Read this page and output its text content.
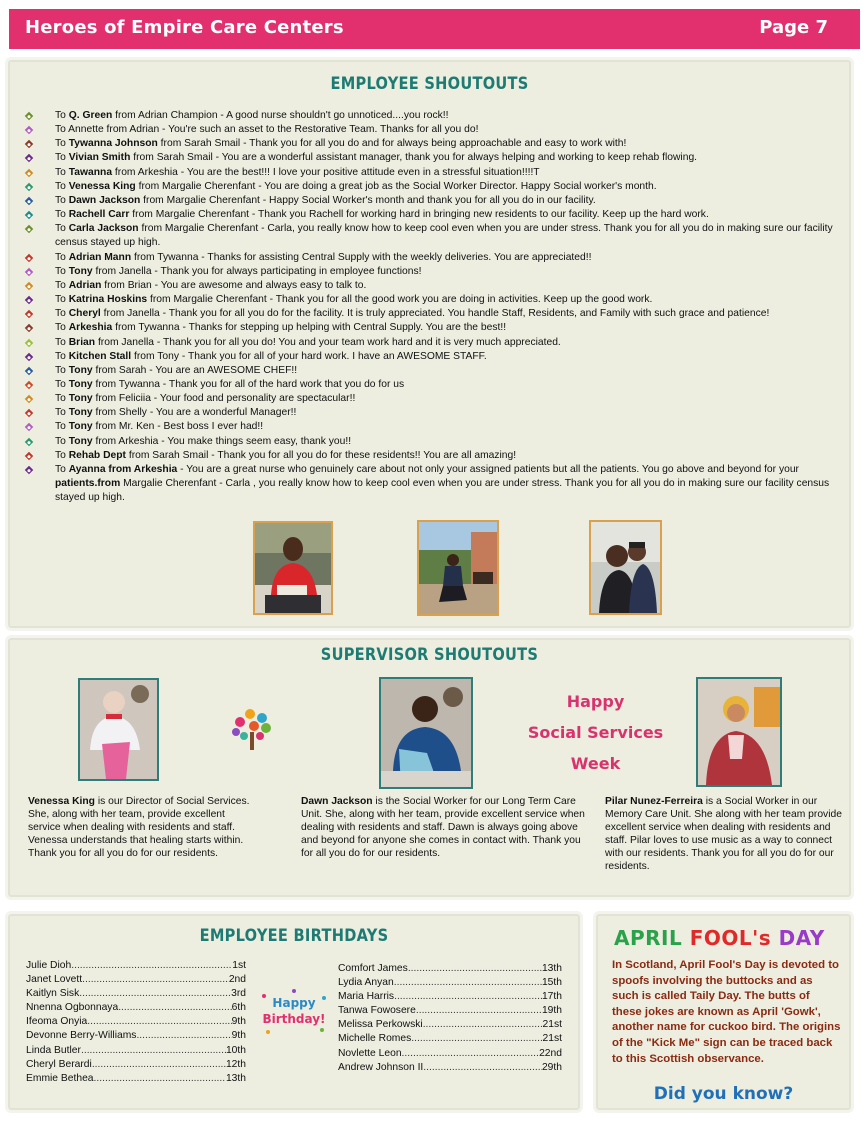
Heroes of Empire Care Centers	Page 7
EMPLOYEE SHOUTOUTS
To Q. Green from Adrian Champion - A good nurse shouldn't go unnoticed....you rock!!
To Annette from Adrian - You're such an asset to the Restorative Team. Thanks for all you do!
To Tywanna Johnson from Sarah Smail - Thank you for all you do and for always being approachable and easy to work with!
To Vivian Smith from Sarah Smail - You are a wonderful assistant manager, thank you for always helping and working to keep rehab flowing.
To Tawanna from Arkeshia - You are the best!!! I love your positive attitude even in a stressful situation!!!!T
To Venessa King from Margalie Cherenfant - You are doing a great job as the Social Worker Director. Happy Social worker's month.
To Dawn Jackson from Margalie Cherenfant - Happy Social Worker's month and thank you for all you do in our facility.
To Rachell Carr from Margalie Cherenfant - Thank you Rachell for working hard in bringing new residents to our facility. Keep up the hard work.
To Carla Jackson from Margalie Cherenfant - Carla, you really know how to keep cool even when you are under stress. Thank you for all you do in making sure our facility census stayed up high.
To Adrian Mann from Tywanna - Thanks for assisting Central Supply with the weekly deliveries. You are appreciated!!
To Tony from Janella - Thank you for always participating in employee functions!
To Adrian from Brian - You are awesome and always easy to talk to.
To Katrina Hoskins from Margalie Cherenfant - Thank you for all the good work you are doing in activities. Keep up the good work.
To Cheryl from Janella - Thank you for all you do for the facility. It is truly appreciated. You handle Staff, Residents, and Family with such grace and patience!
To Arkeshia from Tywanna - Thanks for stepping up helping with Central Supply. You are the best!!
To Brian from Janella - Thank you for all you do! You and your team work hard and it is very much appreciated.
To Kitchen Stall from Tony - Thank you for all of your hard work. I have an AWESOME STAFF.
To Tony from Sarah - You are an AWESOME CHEF!!
To Tony from Tywanna - Thank you for all of the hard work that you do for us
To Tony from Feliciia - Your food and personality are spectacular!!
To Tony from Shelly - You are a wonderful Manager!!
To Tony from Mr. Ken - Best boss I ever had!!
To Tony from Arkeshia - You make things seem easy, thank you!!
To Rehab Dept from Sarah Smail - Thank you for all you do for these residents!! You are all amazing!
To Ayanna from Arkeshia - You are a great nurse who genuinely care about not only your assigned patients but all the patients. You go above and beyond for your patients.from Margalie Cherenfant - Carla , you really know how to keep cool even when you are under stress. Thank you for all you do in making sure our facility census stayed up high.
SUPERVISOR SHOUTOUTS
Happy
Social Services
Week
Venessa King is our Director of Social Services. She, along with her team, provide excellent service when dealing with residents and staff. Venessa understands that healing starts within. Thank you for all you do for our residents.
Dawn Jackson is the Social Worker for our Long Term Care Unit. She, along with her team, provide excellent service when dealing with residents and staff. Dawn is always going above and beyond for anyone she comes in contact with. Thank you for all you do for our residents.
Pilar Nunez-Ferreira is a Social Worker in our Memory Care Unit. She along with her team provide excellent service when dealing with residents and staff. Pilar loves to use music as a way to connect with our residents. Thank you for all you do for our residents.
EMPLOYEE BIRTHDAYS
Julie Dioh .....	1st
Janet Lovett .....	2nd
Kaitlyn Sisk .....	3rd
Nnenna Ogbonnaya .....	6th
Ifeoma Onyia .....	9th
Devonne Berry-Williams .....	9th
Linda Butler .....	10th
Cheryl Berardi .....	12th
Emmie Bethea .....	13th
Happy
Birthday!
Comfort James .....	13th
Lydia Anyan .....	15th
Maria Harris .....	17th
Tanwa Fowosere .....	19th
Melissa Perkowski .....	21st
Michelle Romes .....	21st
Novlette Leon .....	22nd
Andrew Johnson II .....	29th
APRIL FOOL's DAY
In Scotland, April Fool's Day is devoted to spoofs involving the buttocks and as such is called Taily Day. The butts of these jokes are known as April 'Gowk', another name for cuckoo bird. The origins of the "Kick Me" sign can be traced back to this Scottish observance.
Did you know?
